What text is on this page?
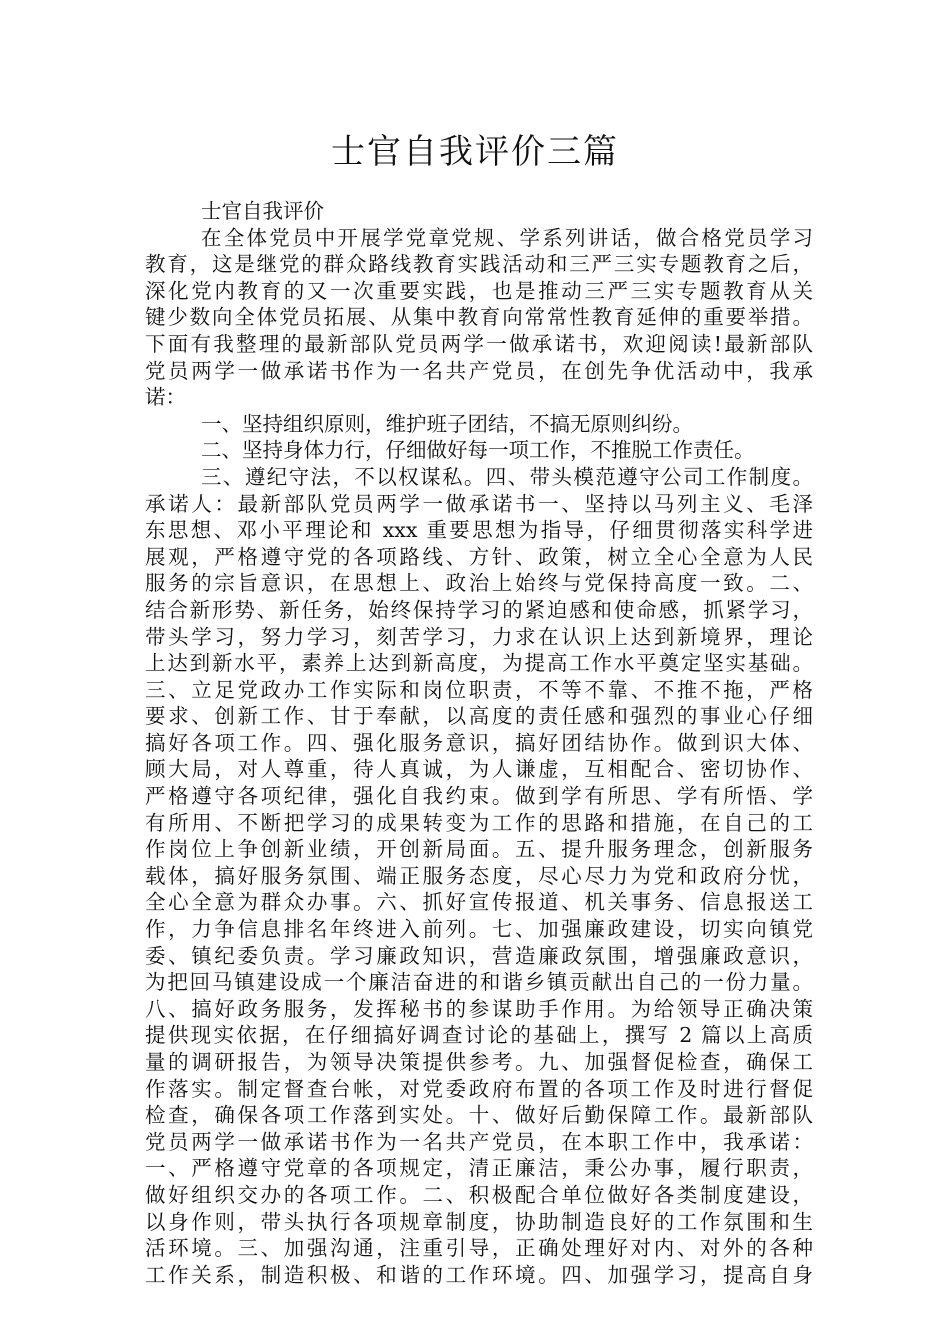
士官自我评价三篇
士官自我评价
在全体党员中开展学党章党规、学系列讲话，做合格党员学习
教育，这是继党的群众路线教育实践活动和三严三实专题教育之后，
深化党内教育的又一次重要实践，也是推动三严三实专题教育从关
键少数向全体党员拓展、从集中教育向常常性教育延伸的重要举措。
下面有我整理的最新部队党员两学一做承诺书，欢迎阅读!最新部队
党员两学一做承诺书作为一名共产党员，在创先争优活动中，我承
诺：
一、坚持组织原则，维护班子团结，不搞无原则纠纷。
二、坚持身体力行，仔细做好每一项工作，不推脱工作责任。
三、遵纪守法，不以权谋私。四、带头模范遵守公司工作制度。
承诺人：最新部队党员两学一做承诺书一、坚持以马列主义、毛泽
东思想、邓小平理论和 xxx 重要思想为指导，仔细贯彻落实科学进
展观，严格遵守党的各项路线、方针、政策，树立全心全意为人民
服务的宗旨意识，在思想上、政治上始终与党保持高度一致。二、
结合新形势、新任务，始终保持学习的紧迫感和使命感，抓紧学习，
带头学习，努力学习，刻苦学习，力求在认识上达到新境界，理论
上达到新水平，素养上达到新高度，为提高工作水平奠定坚实基础。
三、立足党政办工作实际和岗位职责，不等不靠、不推不拖，严格
要求、创新工作、甘于奉献，以高度的责任感和强烈的事业心仔细
搞好各项工作。四、强化服务意识，搞好团结协作。做到识大体、
顾大局，对人尊重，待人真诚，为人谦虚，互相配合、密切协作、
严格遵守各项纪律，强化自我约束。做到学有所思、学有所悟、学
有所用、不断把学习的成果转变为工作的思路和措施，在自己的工
作岗位上争创新业绩，开创新局面。五、提升服务理念，创新服务
载体，搞好服务氛围、端正服务态度，尽心尽力为党和政府分忧，
全心全意为群众办事。六、抓好宣传报道、机关事务、信息报送工
作，力争信息排名年终进入前列。七、加强廉政建设，切实向镇党
委、镇纪委负责。学习廉政知识，营造廉政氛围，增强廉政意识，
为把回马镇建设成一个廉洁奋进的和谐乡镇贡献出自己的一份力量。
八、搞好政务服务，发挥秘书的参谋助手作用。为给领导正确决策
提供现实依据，在仔细搞好调查讨论的基础上，撰写 2 篇以上高质
量的调研报告，为领导决策提供参考。九、加强督促检查，确保工
作落实。制定督查台帐，对党委政府布置的各项工作及时进行督促
检查，确保各项工作落到实处。十、做好后勤保障工作。最新部队
党员两学一做承诺书作为一名共产党员，在本职工作中，我承诺：
一、严格遵守党章的各项规定，清正廉洁，秉公办事，履行职责，
做好组织交办的各项工作。二、积极配合单位做好各类制度建设，
以身作则，带头执行各项规章制度，协助制造良好的工作氛围和生
活环境。三、加强沟通，注重引导，正确处理好对内、对外的各种
工作关系，制造积极、和谐的工作环境。四、加强学习，提高自身
